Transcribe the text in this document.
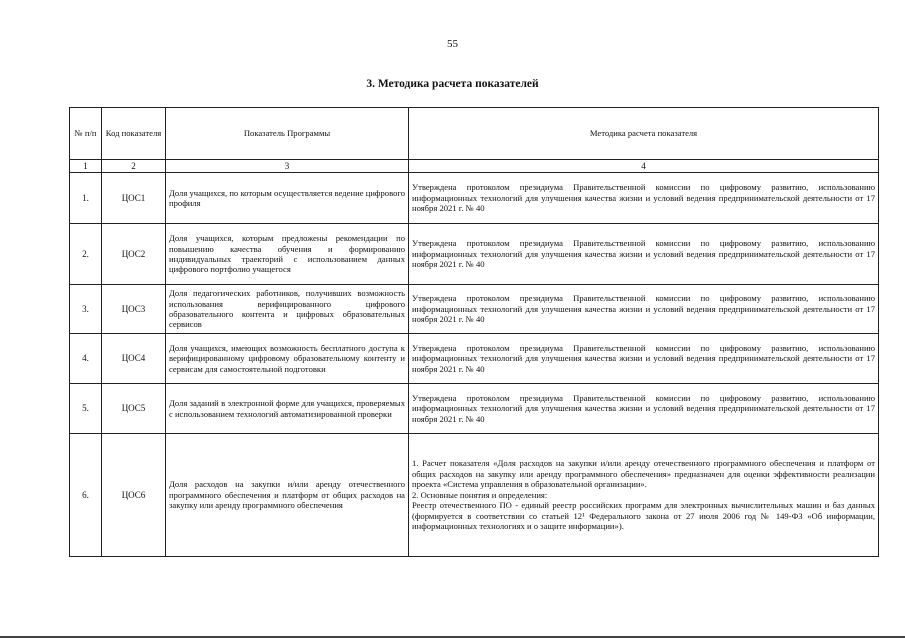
55
3. Методика расчета показателей
№ п/п	Код показателя	Показатель Программы	Методика расчета показателя
1	2	3	4
1.	ЦОС1	Доля учащихся, по которым осуществляется ведение цифрового профиля	Утверждена протоколом президиума Правительственной комиссии по цифровому развитию, использованию информационных технологий для улучшения качества жизни и условий ведения предпринимательской деятельности от 17 ноября 2021 г. № 40
2.	ЦОС2	Доля учащихся, которым предложены рекомендации по повышению качества обучения и формированию индивидуальных траекторий с использованием данных цифрового портфолио учащегося	Утверждена протоколом президиума Правительственной комиссии по цифровому развитию, использованию информационных технологий для улучшения качества жизни и условий ведения предпринимательской деятельности от 17 ноября 2021 г. № 40
3.	ЦОС3	Доля педагогических работников, получивших возможность использования верифицированного цифрового образовательного контента и цифровых образовательных сервисов	Утверждена протоколом президиума Правительственной комиссии по цифровому развитию, использованию информационных технологий для улучшения качества жизни и условий ведения предпринимательской деятельности от 17 ноября 2021 г. № 40
4.	ЦОС4	Доля учащихся, имеющих возможность бесплатного доступа к верифицированному цифровому образовательному контенту и сервисам для самостоятельной подготовки	Утверждена протоколом президиума Правительственной комиссии по цифровому развитию, использованию информационных технологий для улучшения качества жизни и условий ведения предпринимательской деятельности от 17 ноября 2021 г. № 40
5.	ЦОС5	Доля заданий в электронной форме для учащихся, проверяемых с использованием технологий автоматизированной проверки	Утверждена протоколом президиума Правительственной комиссии по цифровому развитию, использованию информационных технологий для улучшения качества жизни и условий ведения предпринимательской деятельности от 17 ноября 2021 г. № 40
6.	ЦОС6	Доля расходов на закупки и/или аренду отечественного программного обеспечения и платформ от общих расходов на закупку или аренду программного обеспечения	1. Расчет показателя «Доля расходов на закупки и/или аренду отечественного программного обеспечения и платформ от общих расходов на закупку или аренду программного обеспечения» предназначен для оценки эффективности реализации проекта «Система управления в образовательной организации».

2. Основные понятия и определения:

Реестр отечественного ПО - единый реестр российских программ для электронных вычислительных машин и баз данных (формируется в соответствии со статьей 12¹ Федерального закона от 27 июля 2006 год № 149-ФЗ «Об информации, информационных технологиях и о защите информации»).
